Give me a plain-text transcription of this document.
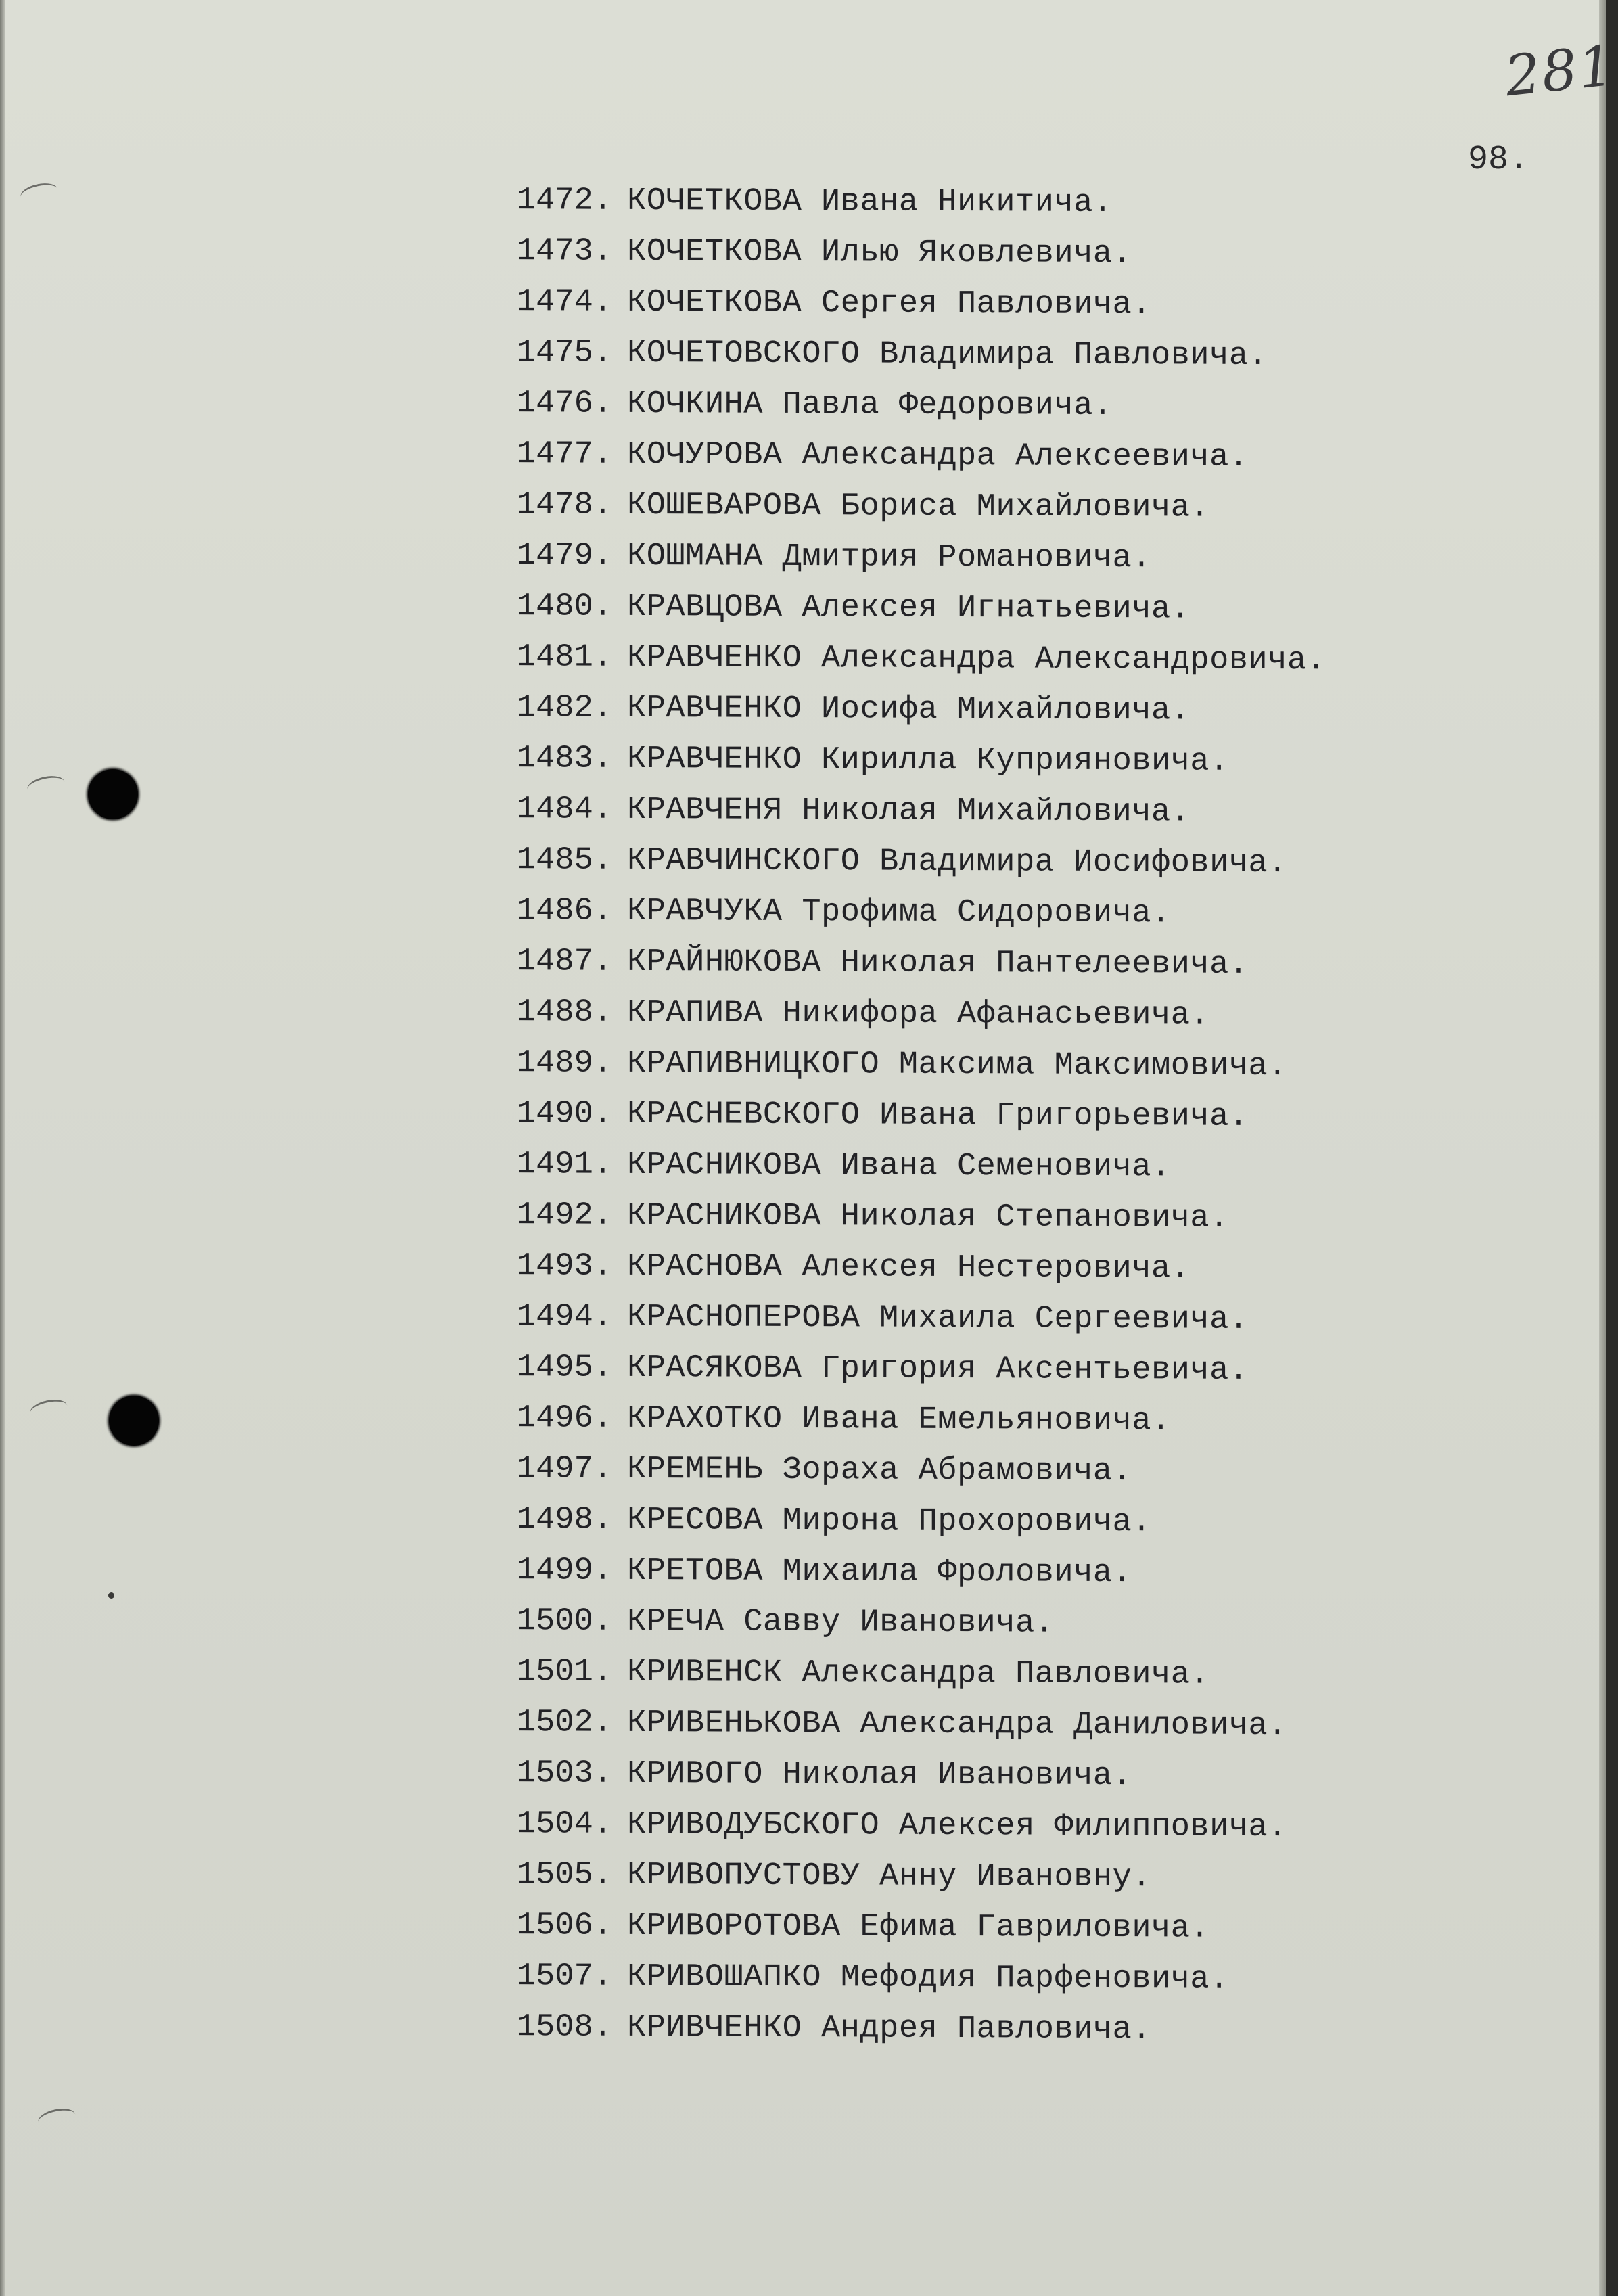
281
98.
1472. КОЧЕТКОВА Ивана Никитича.
1473. КОЧЕТКОВА Илью Яковлевича.
1474. КОЧЕТКОВА Сергея Павловича.
1475. КОЧЕТОВСКОГО Владимира Павловича.
1476. КОЧКИНА Павла Федоровича.
1477. КОЧУРОВА Александра Алексеевича.
1478. КОШЕВАРОВА Бориса Михайловича.
1479. КОШМАНА Дмитрия Романовича.
1480. КРАВЦОВА Алексея Игнатьевича.
1481. КРАВЧЕНКО Александра Александровича.
1482. КРАВЧЕНКО Иосифа Михайловича.
1483. КРАВЧЕНКО Кирилла Куприяновича.
1484. КРАВЧЕНЯ Николая Михайловича.
1485. КРАВЧИНСКОГО Владимира Иосифовича.
1486. КРАВЧУКА Трофима Сидоровича.
1487. КРАЙНЮКОВА Николая Пантелеевича.
1488. КРАПИВА Никифора Афанасьевича.
1489. КРАПИВНИЦКОГО Максима Максимовича.
1490. КРАСНЕВСКОГО Ивана Григорьевича.
1491. КРАСНИКОВА Ивана Семеновича.
1492. КРАСНИКОВА Николая Степановича.
1493. КРАСНОВА Алексея Нестеровича.
1494. КРАСНОПЕРОВА Михаила Сергеевича.
1495. КРАСЯКОВА Григория Аксентьевича.
1496. КРАХОТКО Ивана Емельяновича.
1497. КРЕМЕНЬ Зораха Абрамовича.
1498. КРЕСОВА Мирона Прохоровича.
1499. КРЕТОВА Михаила Фроловича.
1500. КРЕЧА Савву Ивановича.
1501. КРИВЕНСК Александра Павловича.
1502. КРИВЕНЬКОВА Александра Даниловича.
1503. КРИВОГО Николая Ивановича.
1504. КРИВОДУБСКОГО Алексея Филипповича.
1505. КРИВОПУСТОВУ Анну Ивановну.
1506. КРИВОРОТОВА Ефима Гавриловича.
1507. КРИВОШАПКО Мефодия Парфеновича.
1508. КРИВЧЕНКО Андрея Павловича.
